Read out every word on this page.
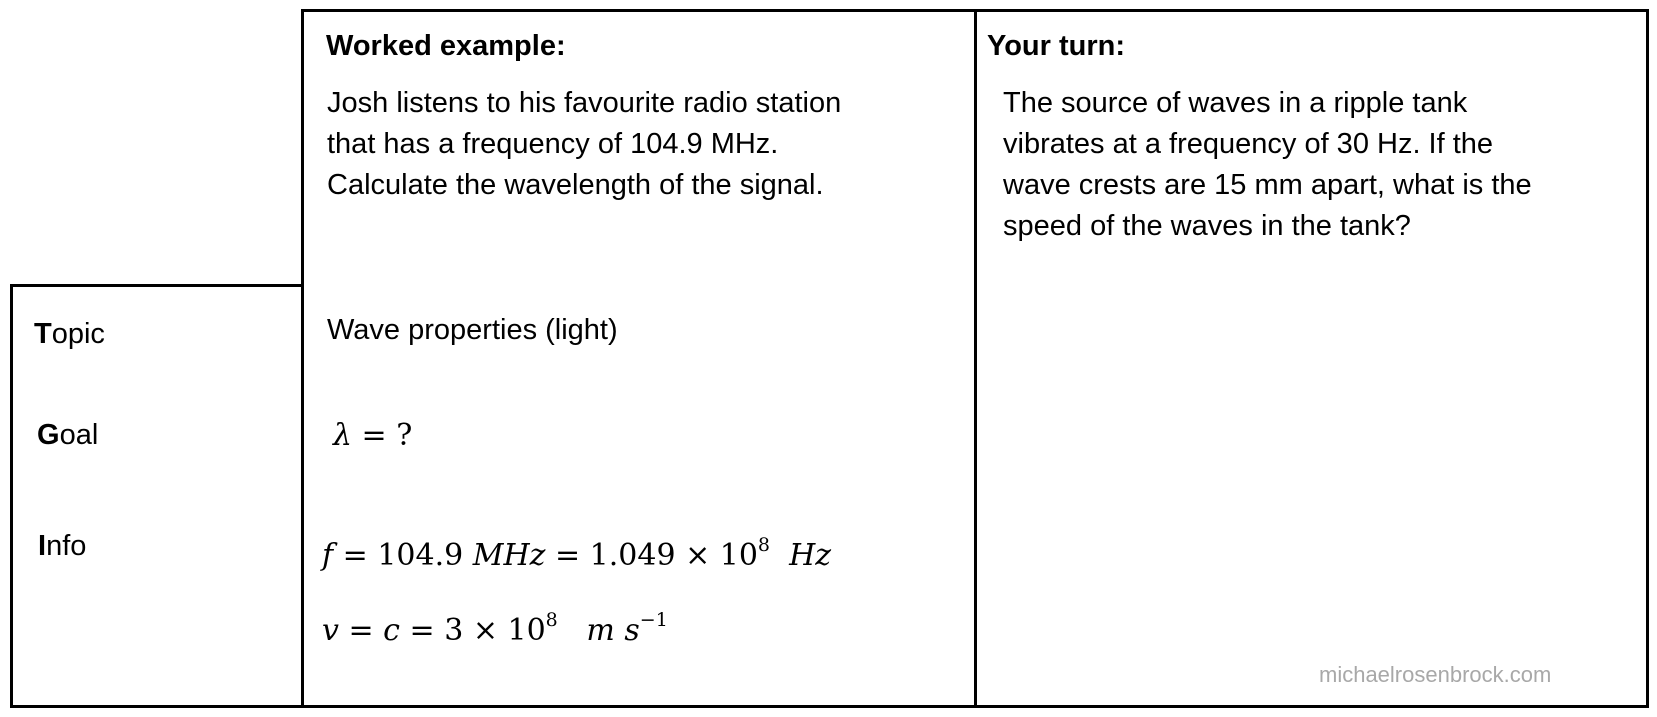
Worked example:
Josh listens to his favourite radio station
that has a frequency of 104.9 MHz.
Calculate the wavelength of the signal.
Your turn:
The source of waves in a ripple tank
vibrates at a frequency of 30 Hz. If the
wave crests are 15 mm apart, what is the
speed of the waves in the tank?
Topic
Goal
Info
Wave properties (light)
λ = ?
f = 104.9 MHz = $1.049 \times 10^8$ Hz
$v = c = 3 \times 10^8$ m $s^{-1}$
michaelrosenbrock.com
